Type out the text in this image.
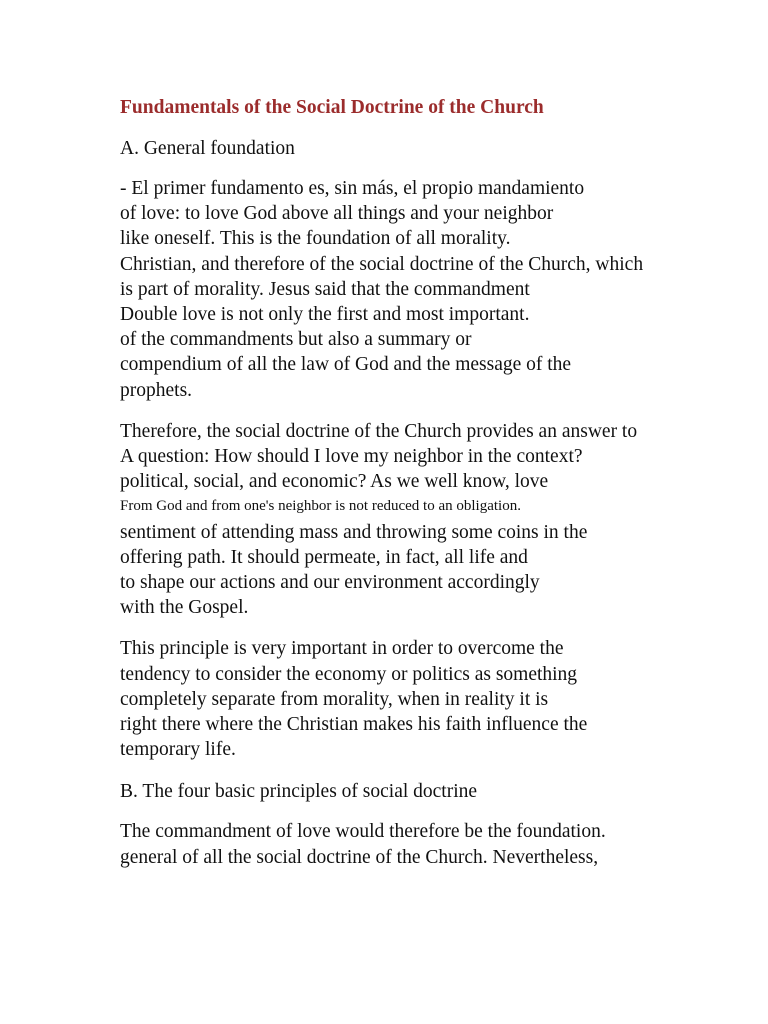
Fundamentals of the Social Doctrine of the Church
A. General foundation
- El primer fundamento es, sin más, el propio mandamiento
of love: to love God above all things and your neighbor
like oneself. This is the foundation of all morality.
Christian, and therefore of the social doctrine of the Church, which
is part of morality. Jesus said that the commandment
Double love is not only the first and most important.
of the commandments but also a summary or
compendium of all the law of God and the message of the
prophets.
Therefore, the social doctrine of the Church provides an answer to
A question: How should I love my neighbor in the context?
political, social, and economic? As we well know, love
From God and from one's neighbor is not reduced to an obligation.
sentiment of attending mass and throwing some coins in the
offering path. It should permeate, in fact, all life and
to shape our actions and our environment accordingly
with the Gospel.
This principle is very important in order to overcome the
tendency to consider the economy or politics as something
completely separate from morality, when in reality it is
right there where the Christian makes his faith influence the
temporary life.
B. The four basic principles of social doctrine
The commandment of love would therefore be the foundation.
general of all the social doctrine of the Church. Nevertheless,
